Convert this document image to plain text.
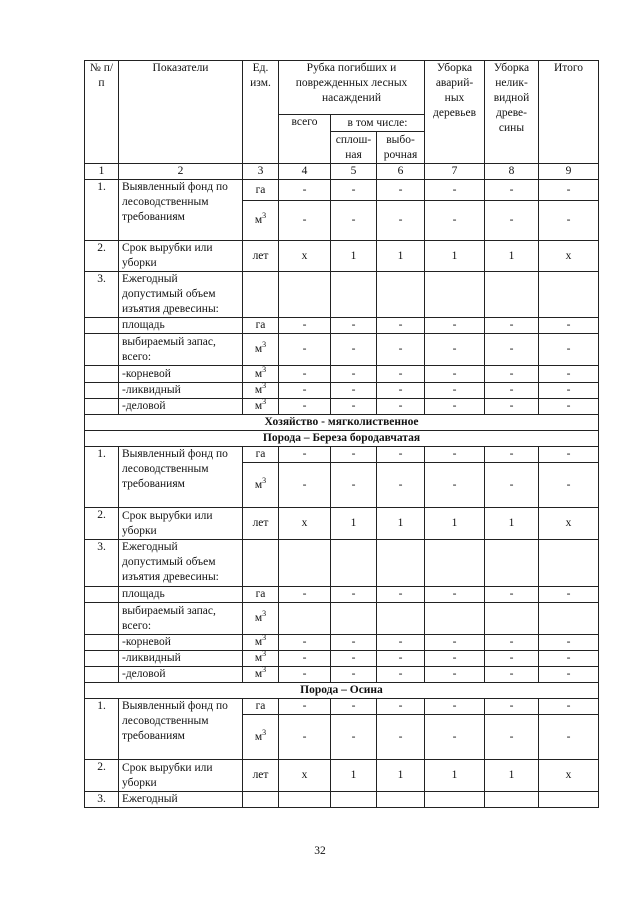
№ п/п	Показатели	Ед. изм.	Рубка погибших и поврежденных лесных насаждений			Уборка аварий-ных деревьев	Уборка нелик-видной древе-сины	Итого
			всего	в том числе:				
				сплош-ная	выбо-рочная			
1	2	3	4	5	6	7	8	9
1.	Выявленный фонд по лесоводственным требованиям	га	-	-	-	-	-	-
		$м^3$	-	-	-	-	-	-
2.	Срок вырубки или уборки	лет	х	1	1	1	1	х
3.	Ежегодный допустимый объем изъятия древесины:							
	площадь	га	-	-	-	-	-	-
	выбираемый запас, всего:	$м^3$	-	-	-	-	-	-
	-корневой	$м^3$	-	-	-	-	-	-
	-ликвидный	$м^3$	-	-	-	-	-	-
	-деловой	$м^3$	-	-	-	-	-	-
Хозяйство - мягколиственное								
Порода – Береза бородавчатая								
1.	Выявленный фонд по лесоводственным требованиям	га	-	-	-	-	-	-
		$м^3$	-	-	-	-	-	-
2.	Срок вырубки или уборки	лет	х	1	1	1	1	х
3.	Ежегодный допустимый объем изъятия древесины:							
	площадь	га	-	-	-	-	-	-
	выбираемый запас, всего:	$м^3$						
	-корневой	$м^3$	-	-	-	-	-	-
	-ликвидный	$м^3$	-	-	-	-	-	-
	-деловой	$м^3$	-	-	-	-	-	-
Порода – Осина								
1.	Выявленный фонд по лесоводственным требованиям	га	-	-	-	-	-	-
		$м^3$	-	-	-	-	-	-
2.	Срок вырубки или уборки	лет	х	1	1	1	1	х
3.	Ежегодный							
32
